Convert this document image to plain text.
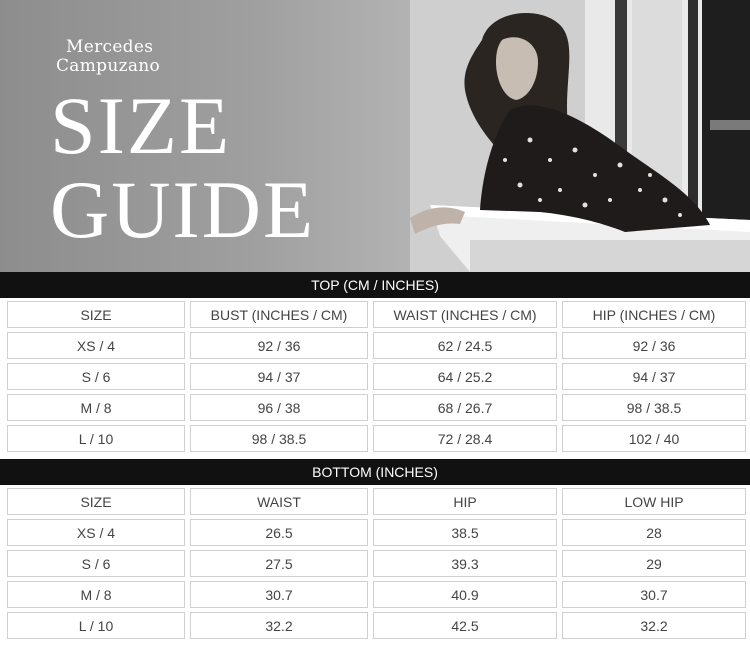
Mercedes
Campuzano
SIZE
GUIDE
TOP (CM / INCHES)
SIZE	BUST (INCHES / CM)	WAIST (INCHES / CM)	HIP (INCHES / CM)
XS / 4	92 / 36	62 / 24.5	92 / 36
S / 6	94 / 37	64 / 25.2	94 / 37
M / 8	96 / 38	68 / 26.7	98 / 38.5
L / 10	98 / 38.5	72 / 28.4	102 / 40
BOTTOM (INCHES)
SIZE	WAIST	HIP	LOW HIP
XS / 4	26.5	38.5	28
S / 6	27.5	39.3	29
M / 8	30.7	40.9	30.7
L / 10	32.2	42.5	32.2
